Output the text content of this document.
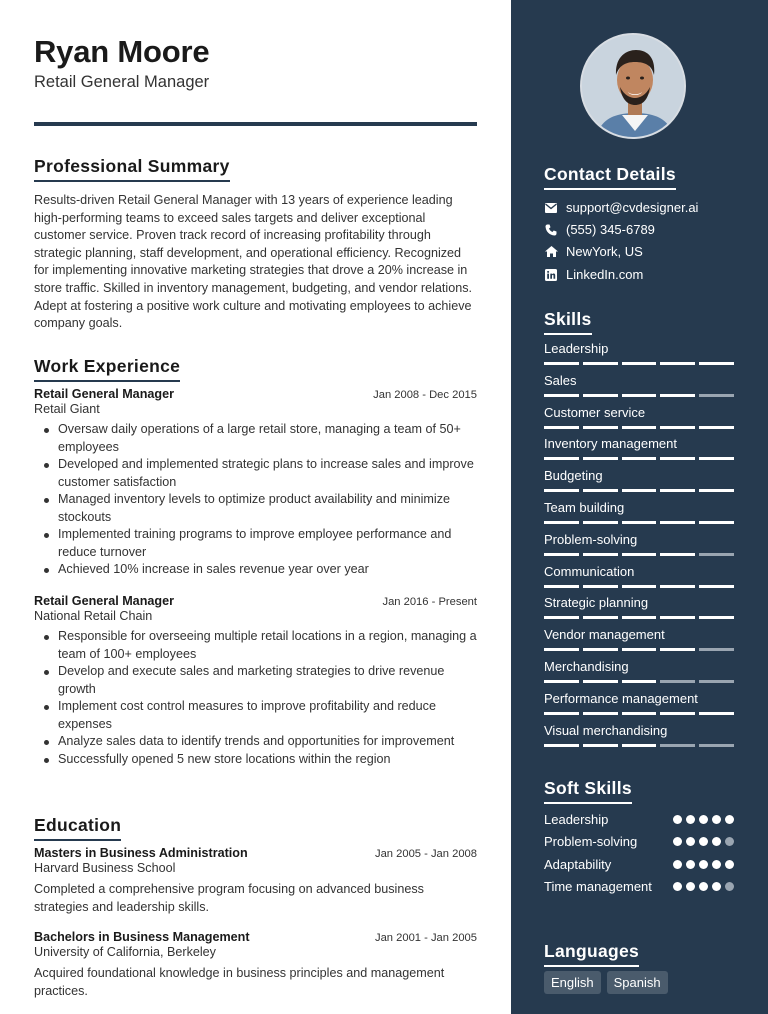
Ryan Moore
Retail General Manager
Professional Summary

Results-driven Retail General Manager with 13 years of experience leading high-performing teams to exceed sales targets and deliver exceptional customer service. Proven track record of increasing profitability through strategic planning, staff development, and operational efficiency. Recognized for implementing innovative marketing strategies that drove a 20% increase in store traffic. Skilled in inventory management, budgeting, and vendor relations. Adept at fostering a positive work culture and motivating employees to achieve company goals.

Work Experience
Retail General Manager	Jan 2008 - Dec 2015
Retail Giant
Oversaw daily operations of a large retail store, managing a team of 50+ employees
Developed and implemented strategic plans to increase sales and improve customer satisfaction
Managed inventory levels to optimize product availability and minimize stockouts
Implemented training programs to improve employee performance and reduce turnover
Achieved 10% increase in sales revenue year over year
Retail General Manager	Jan 2016 - Present
National Retail Chain
Responsible for overseeing multiple retail locations in a region, managing a team of 100+ employees
Develop and execute sales and marketing strategies to drive revenue growth
Implement cost control measures to improve profitability and reduce expenses
Analyze sales data to identify trends and opportunities for improvement
Successfully opened 5 new store locations within the region
Education
Masters in Business Administration	Jan 2005 - Jan 2008
Harvard Business School

Completed a comprehensive program focusing on advanced business strategies and leadership skills.

Bachelors in Business Management	Jan 2001 - Jan 2005
University of California, Berkeley

Acquired foundational knowledge in business principles and management practices.

Contact Details
support@cvdesigner.ai
(555) 345-6789
NewYork, US
LinkedIn.com
Skills
Leadership
Sales
Customer service
Inventory management
Budgeting
Team building
Problem-solving
Communication
Strategic planning
Vendor management
Merchandising
Performance management
Visual merchandising
Soft Skills
Leadership
Problem-solving
Adaptability
Time management
Languages
English	Spanish
